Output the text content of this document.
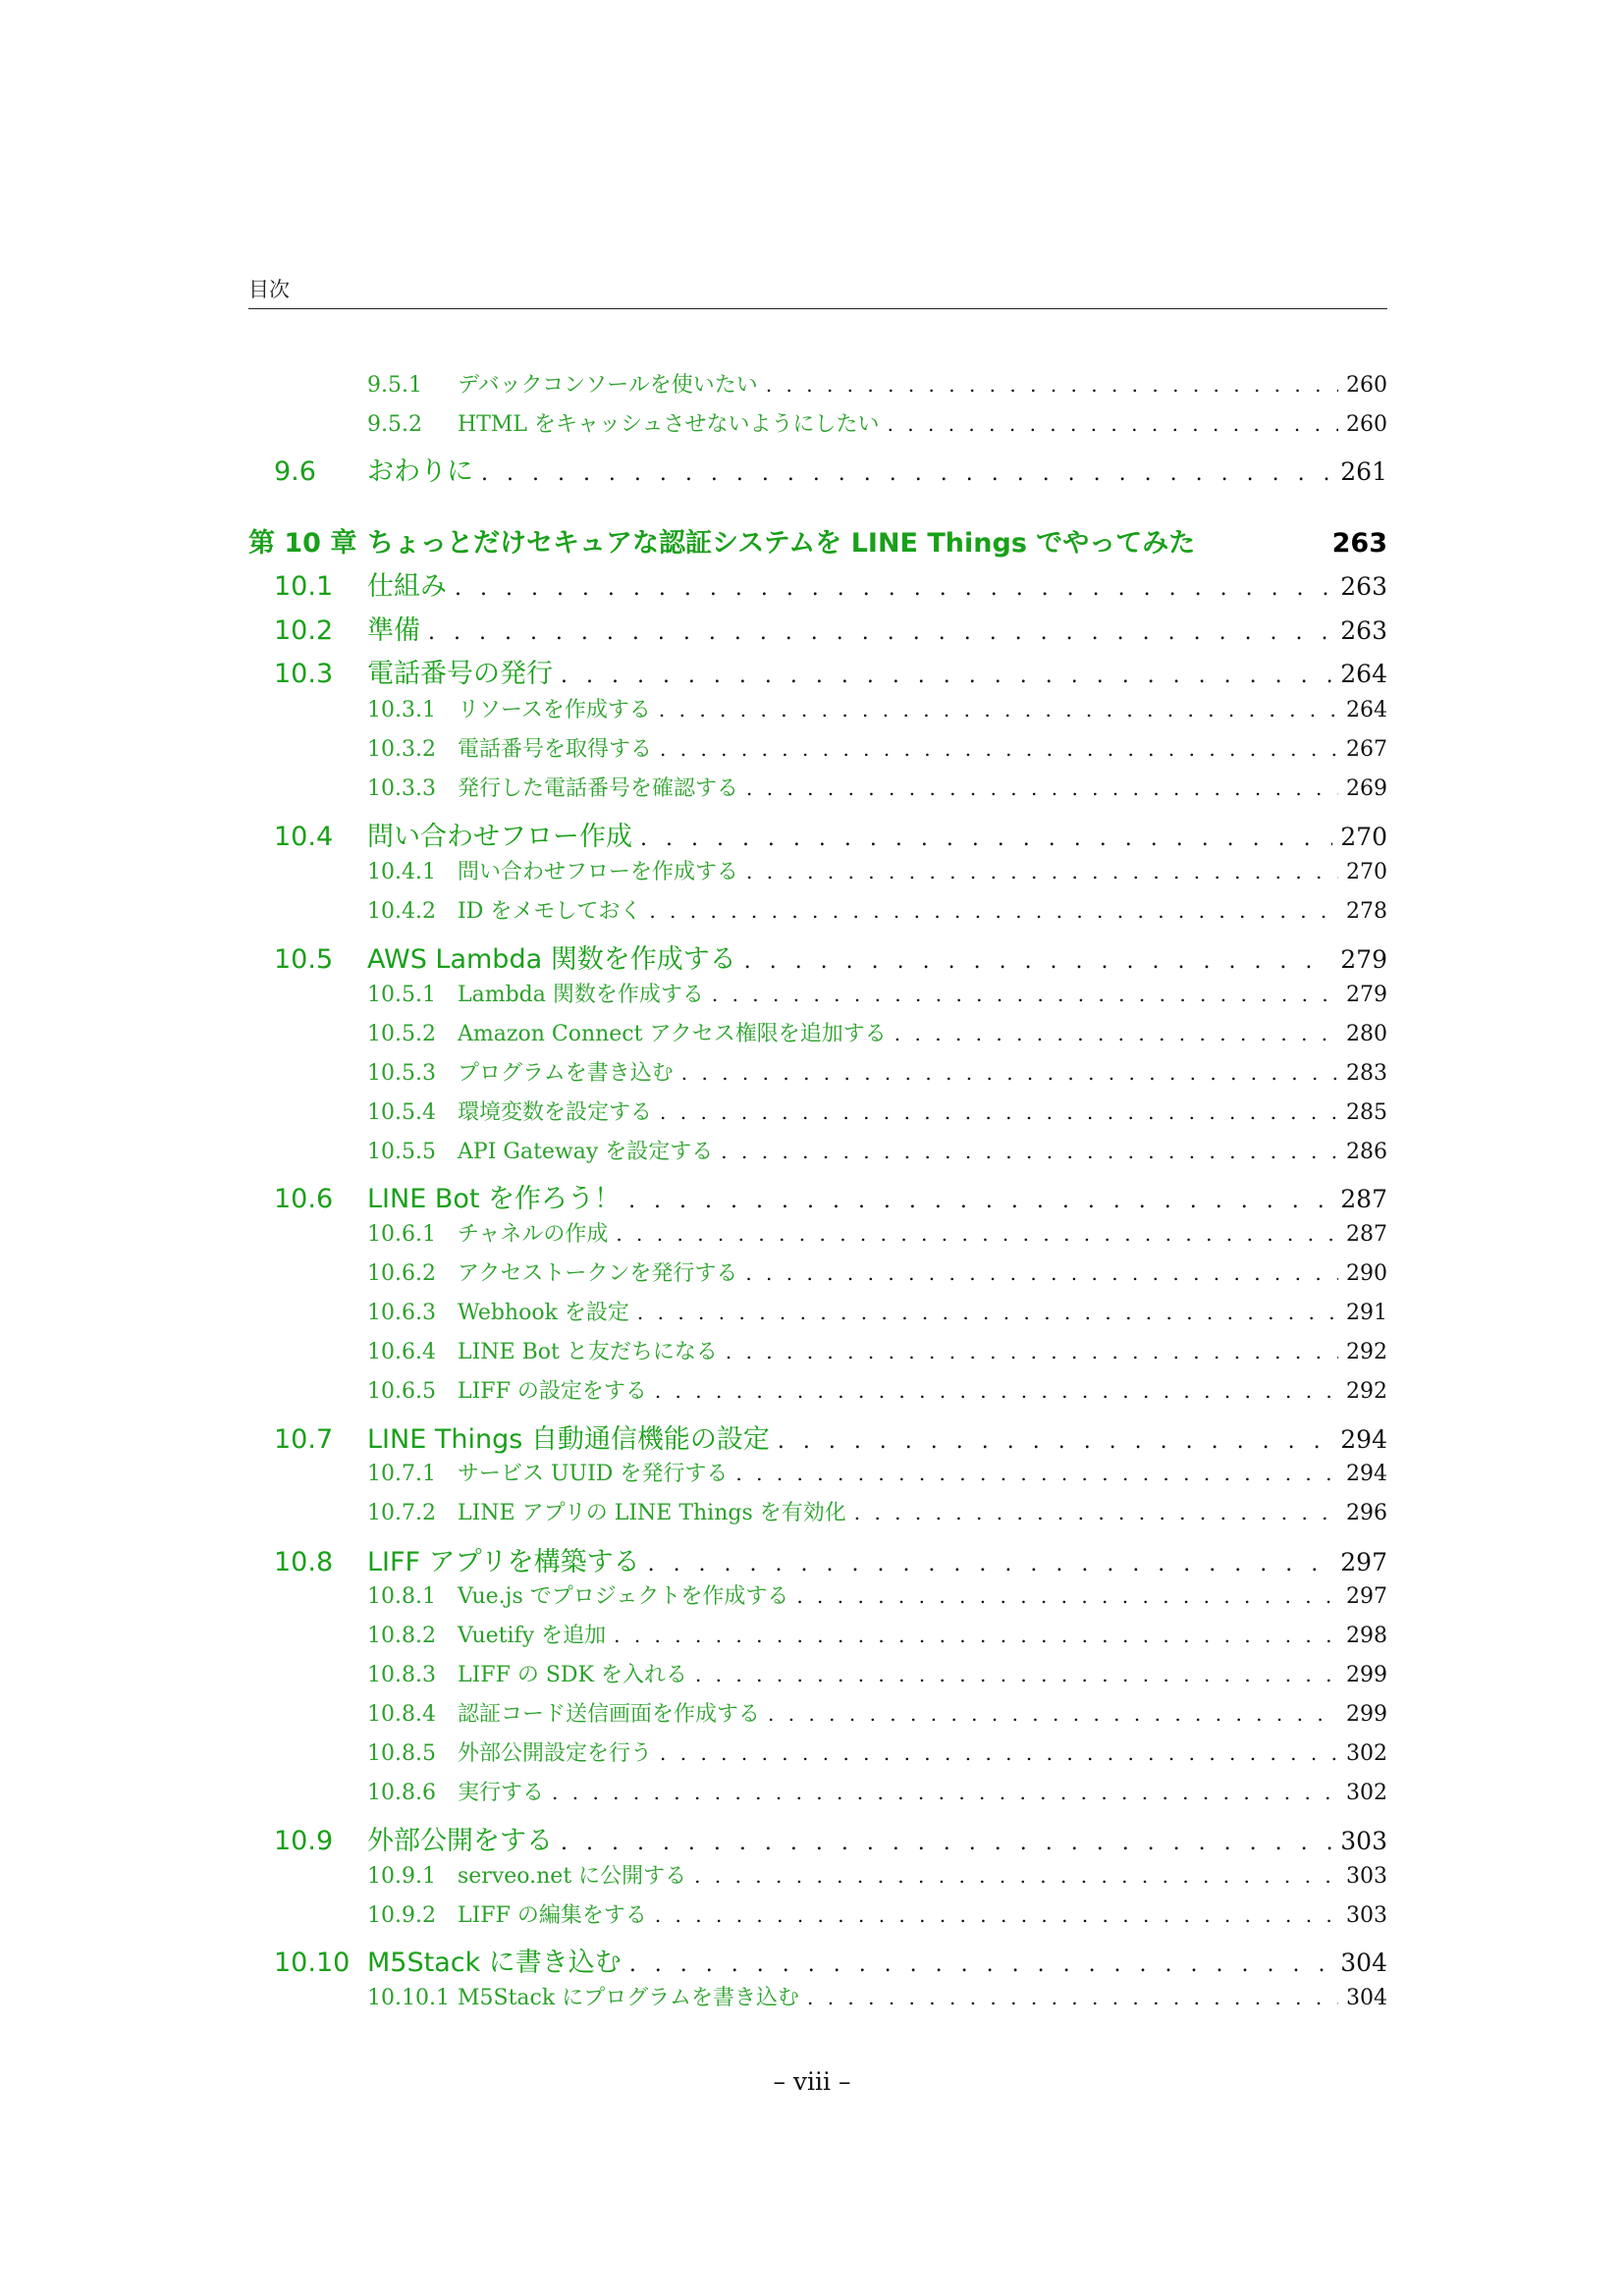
目次
9.5.1	デバックコンソールを使いたい . . .	260
9.5.2	HTML をキャッシュさせないようにしたい . . .	260
9.6	おわりに . . .	261
第 10 章 ちょっとだけセキュアな認証システムを LINE Things でやってみた	263
10.1	仕組み . . .	263
10.2	準備 . . .	263
10.3	電話番号の発行 . . .	264
10.3.1	リソースを作成する . . .	264
10.3.2	電話番号を取得する . . .	267
10.3.3	発行した電話番号を確認する . . .	269
10.4	問い合わせフロー作成 . . .	270
10.4.1	問い合わせフローを作成する . . .	270
10.4.2	ID をメモしておく . . .	278
10.5	AWS Lambda 関数を作成する . . .	279
10.5.1	Lambda 関数を作成する . . .	279
10.5.2	Amazon Connect アクセス権限を追加する . . .	280
10.5.3	プログラムを書き込む . . .	283
10.5.4	環境変数を設定する . . .	285
10.5.5	API Gateway を設定する . . .	286
10.6	LINE Bot を作ろう！ . . .	287
10.6.1	チャネルの作成 . . .	287
10.6.2	アクセストークンを発行する . . .	290
10.6.3	Webhook を設定 . . .	291
10.6.4	LINE Bot と友だちになる . . .	292
10.6.5	LIFF の設定をする . . .	292
10.7	LINE Things 自動通信機能の設定 . . .	294
10.7.1	サービス UUID を発行する . . .	294
10.7.2	LINE アプリの LINE Things を有効化 . . .	296
10.8	LIFF アプリを構築する . . .	297
10.8.1	Vue.js でプロジェクトを作成する . . .	297
10.8.2	Vuetify を追加 . . .	298
10.8.3	LIFF の SDK を入れる . . .	299
10.8.4	認証コード送信画面を作成する . . .	299
10.8.5	外部公開設定を行う . . .	302
10.8.6	実行する . . .	302
10.9	外部公開をする . . .	303
10.9.1	serveo.net に公開する . . .	303
10.9.2	LIFF の編集をする . . .	303
10.10 M5Stack に書き込む . . .	304
10.10.1 M5Stack にプログラムを書き込む . . .	304
– viii –
